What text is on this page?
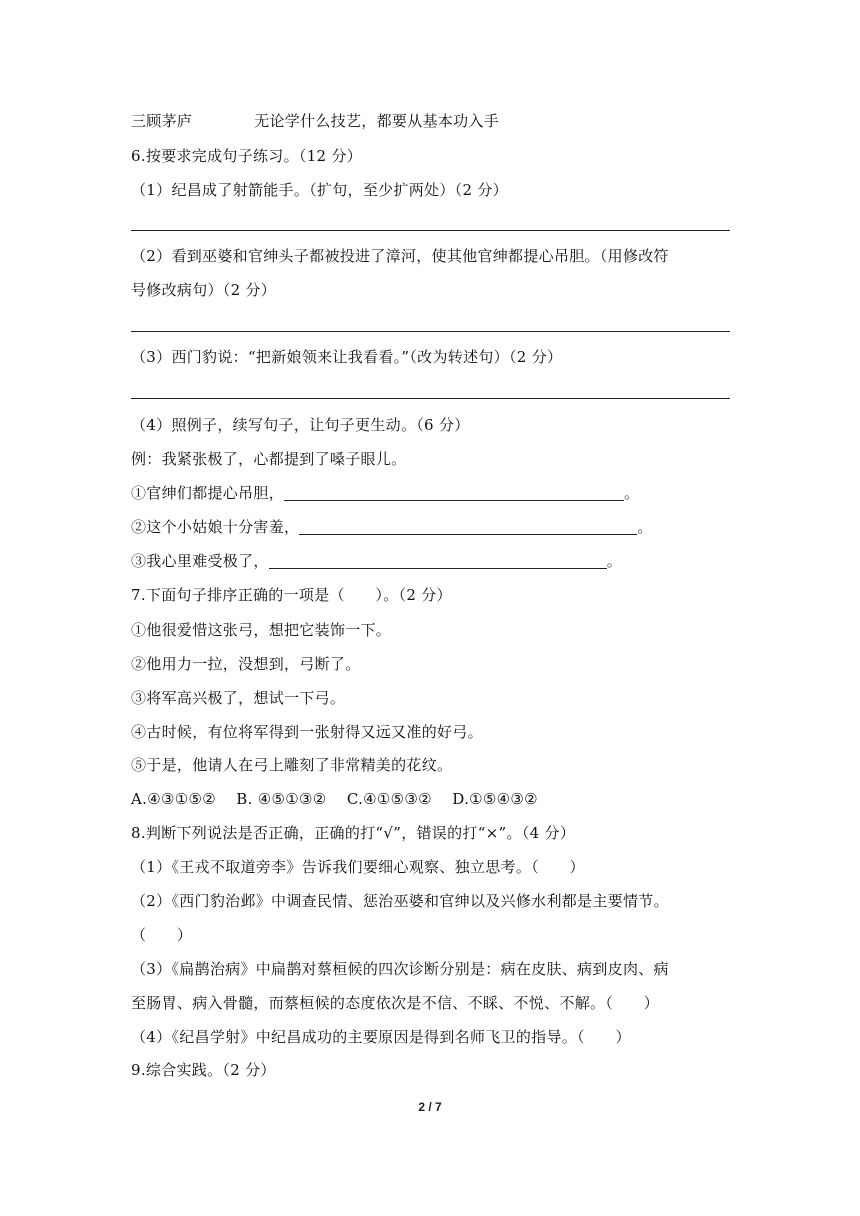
三顾茅庐	无论学什么技艺，都要从基本功入手
6.按要求完成句子练习。（12 分）
（1）纪昌成了射箭能手。（扩句，至少扩两处）（2 分）
（2）看到巫婆和官绅头子都被投进了漳河，使其他官绅都提心吊胆。（用修改符
号修改病句）（2 分）
（3）西门豹说：“把新娘领来让我看看。”（改为转述句）（2 分）
（4）照例子，续写句子，让句子更生动。（6 分）
例：我紧张极了，心都提到了嗓子眼儿。
①官绅们都提心吊胆，	。
②这个小姑娘十分害羞，	。
③我心里难受极了，	。
7.下面句子排序正确的一项是（　　）。（2 分）
①他很爱惜这张弓，想把它装饰一下。
②他用力一拉，没想到，弓断了。
③将军高兴极了，想试一下弓。
④古时候，有位将军得到一张射得又远又准的好弓。
⑤于是，他请人在弓上雕刻了非常精美的花纹。
A.④③①⑤②　 B. ④⑤①③②　 C.④①⑤③②　 D.①⑤④③②
8.判断下列说法是否正确，正确的打“√”，错误的打“×”。（4 分）
（1）《王戎不取道旁李》告诉我们要细心观察、独立思考。（　　）
（2）《西门豹治邺》中调查民情、惩治巫婆和官绅以及兴修水利都是主要情节。
（　　）
（3）《扁鹊治病》中扁鹊对蔡桓候的四次诊断分别是：病在皮肤、病到皮肉、病
至肠胃、病入骨髓，而蔡桓候的态度依次是不信、不睬、不悦、不解。（　　）
（4）《纪昌学射》中纪昌成功的主要原因是得到名师飞卫的指导。（　　）
9.综合实践。（2 分）
2 / 7
